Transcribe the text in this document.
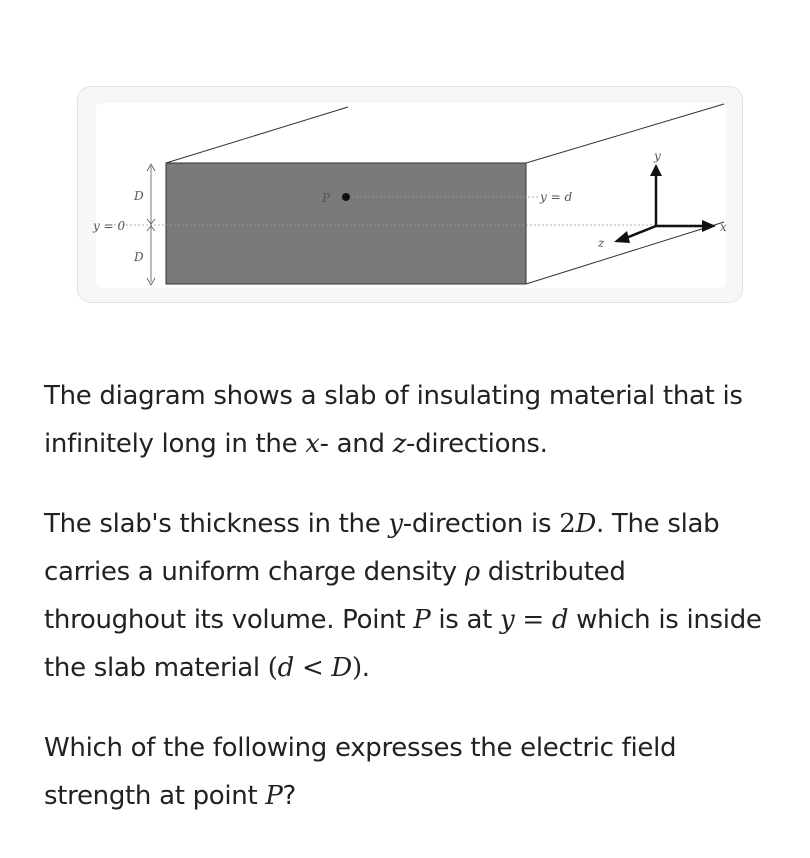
D
D
y = 0
P	y = d
y
x
z

The diagram shows a slab of insulating material that is infinitely long in the x- and z-directions.

The slab's thickness in the y-direction is 2D. The slab carries a uniform charge density ρ distributed throughout its volume. Point P is at y = d which is inside the slab material (d < D).

Which of the following expresses the electric field strength at point P?
